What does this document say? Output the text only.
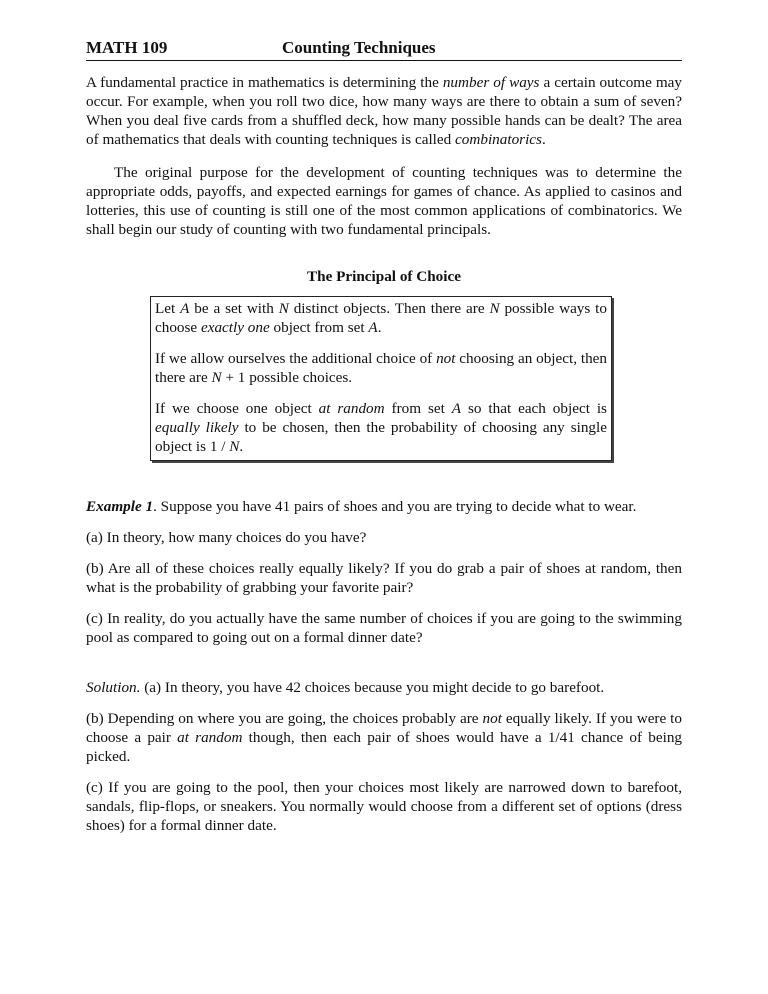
MATH 109	Counting Techniques

A fundamental practice in mathematics is determining the number of ways a certain outcome may occur. For example, when you roll two dice, how many ways are there to obtain a sum of seven? When you deal five cards from a shuffled deck, how many possible hands can be dealt? The area of mathematics that deals with counting techniques is called combinatorics.

The original purpose for the development of counting techniques was to determine the appropriate odds, payoffs, and expected earnings for games of chance. As applied to casinos and lotteries, this use of counting is still one of the most common applications of combinatorics. We shall begin our study of counting with two fundamental principals.

The Principal of Choice

Let A be a set with N distinct objects. Then there are N possible ways to choose exactly one object from set A.

If we allow ourselves the additional choice of not choosing an object, then there are N + 1 possible choices.

If we choose one object at random from set A so that each object is equally likely to be chosen, then the probability of choosing any single object is 1 / N.

Example 1. Suppose you have 41 pairs of shoes and you are trying to decide what to wear.

(a) In theory, how many choices do you have?

(b) Are all of these choices really equally likely? If you do grab a pair of shoes at random, then what is the probability of grabbing your favorite pair?

(c) In reality, do you actually have the same number of choices if you are going to the swimming pool as compared to going out on a formal dinner date?

Solution. (a) In theory, you have 42 choices because you might decide to go barefoot.

(b) Depending on where you are going, the choices probably are not equally likely. If you were to choose a pair at random though, then each pair of shoes would have a 1/41 chance of being picked.

(c) If you are going to the pool, then your choices most likely are narrowed down to barefoot, sandals, flip-flops, or sneakers. You normally would choose from a different set of options (dress shoes) for a formal dinner date.
